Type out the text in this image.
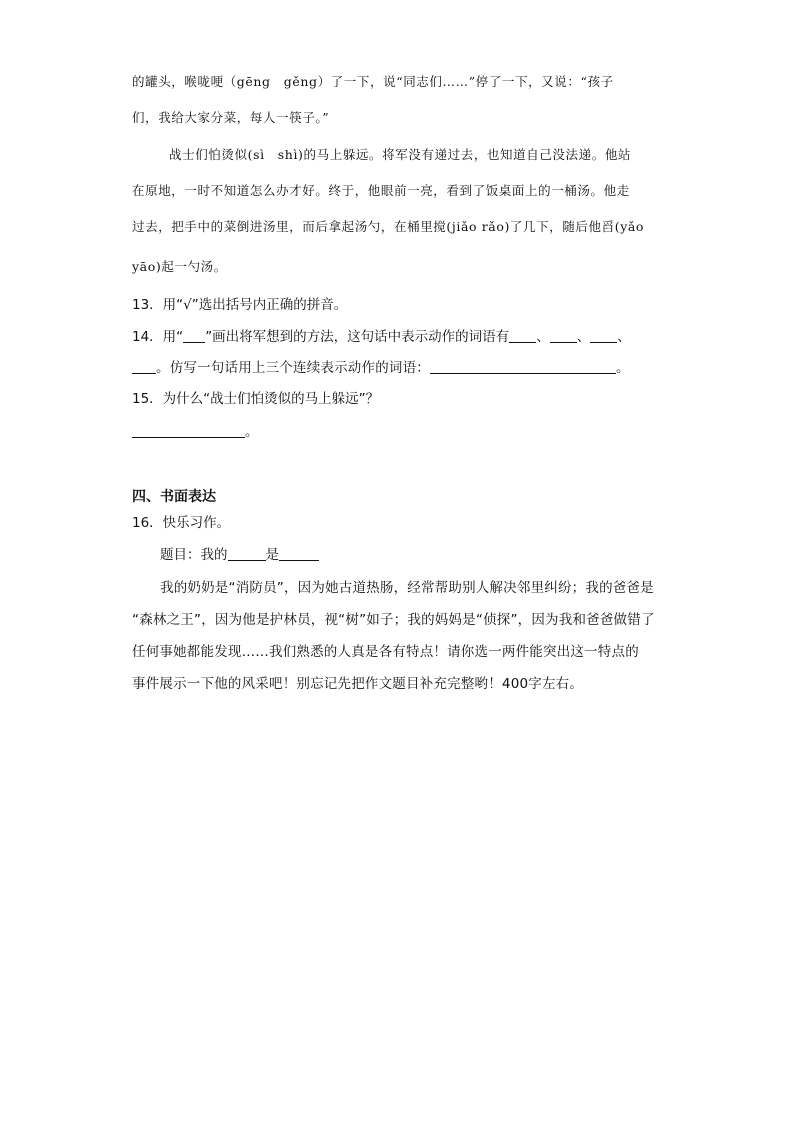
的罐头，喉咙哽（gēng　gěng）了一下，说“同志们……”停了一下，又说：“孩子
们，我给大家分菜，每人一筷子。”
战士们怕烫似(sì　shì)的马上躲远。将军没有递过去，也知道自己没法递。他站
在原地，一时不知道怎么办才好。终于，他眼前一亮，看到了饭桌面上的一桶汤。他走
过去，把手中的菜倒进汤里，而后拿起汤勺，在桶里搅(jiǎo rǎo)了几下，随后他舀(yǎo
yāo)起一勺汤。
13．用“√”选出括号内正确的拼音。
14．用“ ”画出将军想到的方法，这句话中表示动作的词语有 、 、 、
。仿写一句话用上三个连续表示动作的词语：	。
15．为什么“战士们怕烫似的马上躲远”？
。
四、书面表达
16．快乐习作。
题目：我的	是
我的奶奶是“消防员”，因为她古道热肠，经常帮助别人解决邻里纠纷；我的爸爸是
“森林之王”，因为他是护林员，视“树”如子；我的妈妈是“侦探”，因为我和爸爸做错了
任何事她都能发现……我们熟悉的人真是各有特点！请你选一两件能突出这一特点的
事件展示一下他的风采吧！别忘记先把作文题目补充完整哟！400字左右。
